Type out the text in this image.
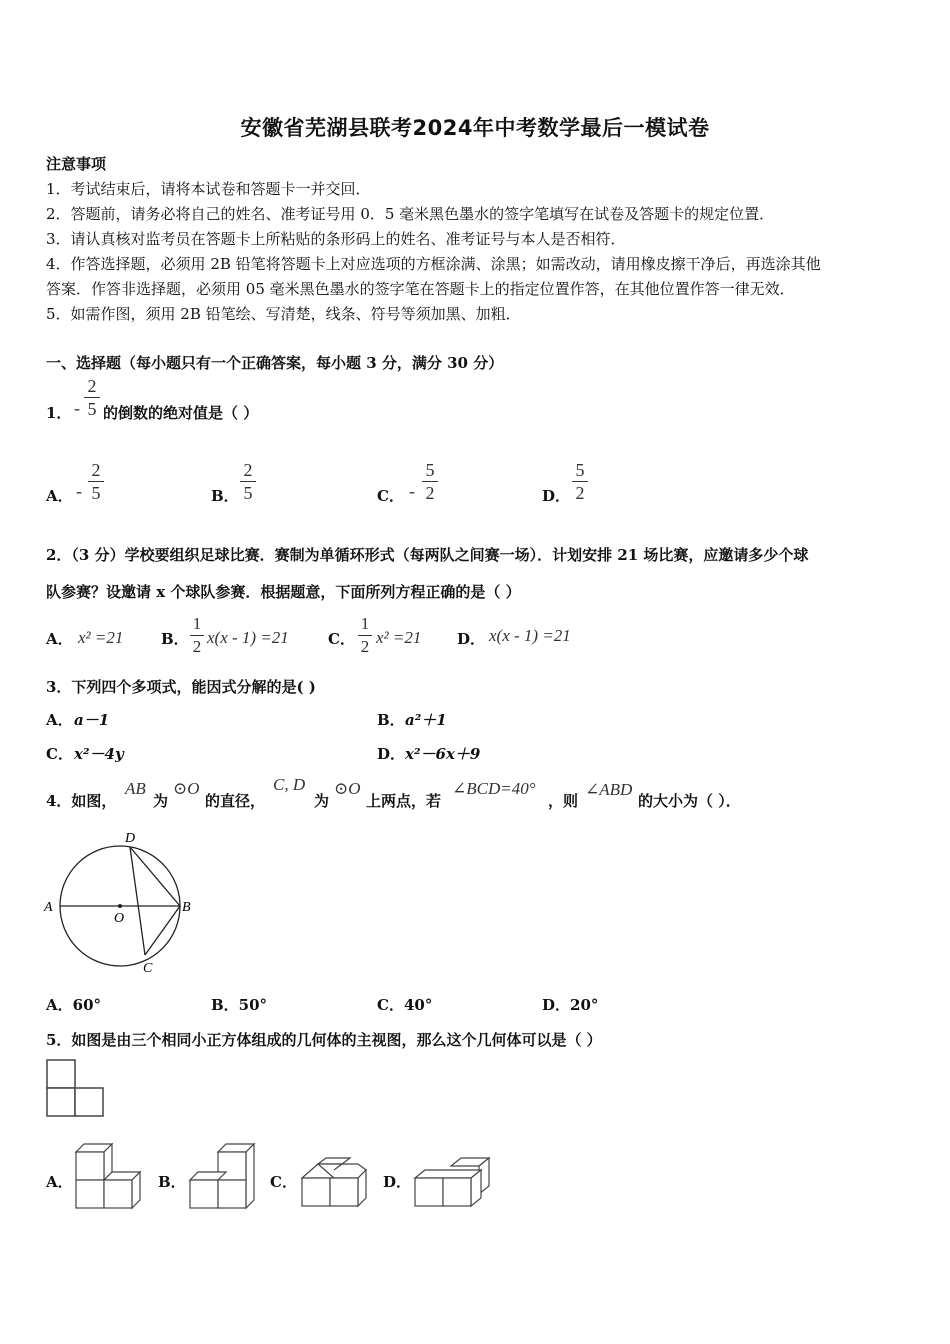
安徽省芜湖县联考2024年中考数学最后一模试卷
注意事项
1．考试结束后，请将本试卷和答题卡一并交回．
2．答题前，请务必将自己的姓名、准考证号用 0．5 毫米黑色墨水的签字笔填写在试卷及答题卡的规定位置．
3．请认真核对监考员在答题卡上所粘贴的条形码上的姓名、准考证号与本人是否相符．
4．作答选择题，必须用 2B 铅笔将答题卡上对应选项的方框涂满、涂黑；如需改动，请用橡皮擦干净后，再选涂其他
答案．作答非选择题，必须用 05 毫米黑色墨水的签字笔在答题卡上的指定位置作答，在其他位置作答一律无效．
5．如需作图，须用 2B 铅笔绘、写清楚，线条、符号等须加黑、加粗．
一、选择题（每小题只有一个正确答案，每小题 3 分，满分 30 分）
1． -
2
5 的倒数的绝对值是（ ）
A． -
2
5	B．
2
5	C． -
5
2	D．
5
2
2．（3 分）学校要组织足球比赛．赛制为单循环形式（每两队之间赛一场）．计划安排 21 场比赛，应邀请多少个球
队参赛？设邀请 x 个球队参赛．根据题意，下面所列方程正确的是（ ）
A． x² =21	B．
1
2 x(x - 1) =21	C．
1
2 x² =21 D． x(x - 1) =21
3．下列四个多项式，能因式分解的是( )
A． a－1	B． a²＋1
C． x²－4y	D． x²－6x＋9
4．如图，
AB
为
⊙O
的直径，
C, D
为
⊙O
上两点，若
∠BCD=40°
，则
∠ABD
的大小为（ ）．
A	B
C
D
O
A．60°	B．50°	C．40°	D．20°
5．如图是由三个相同小正方体组成的几何体的主视图，那么这个几何体可以是（ ）
A．	B．	C．	D．
